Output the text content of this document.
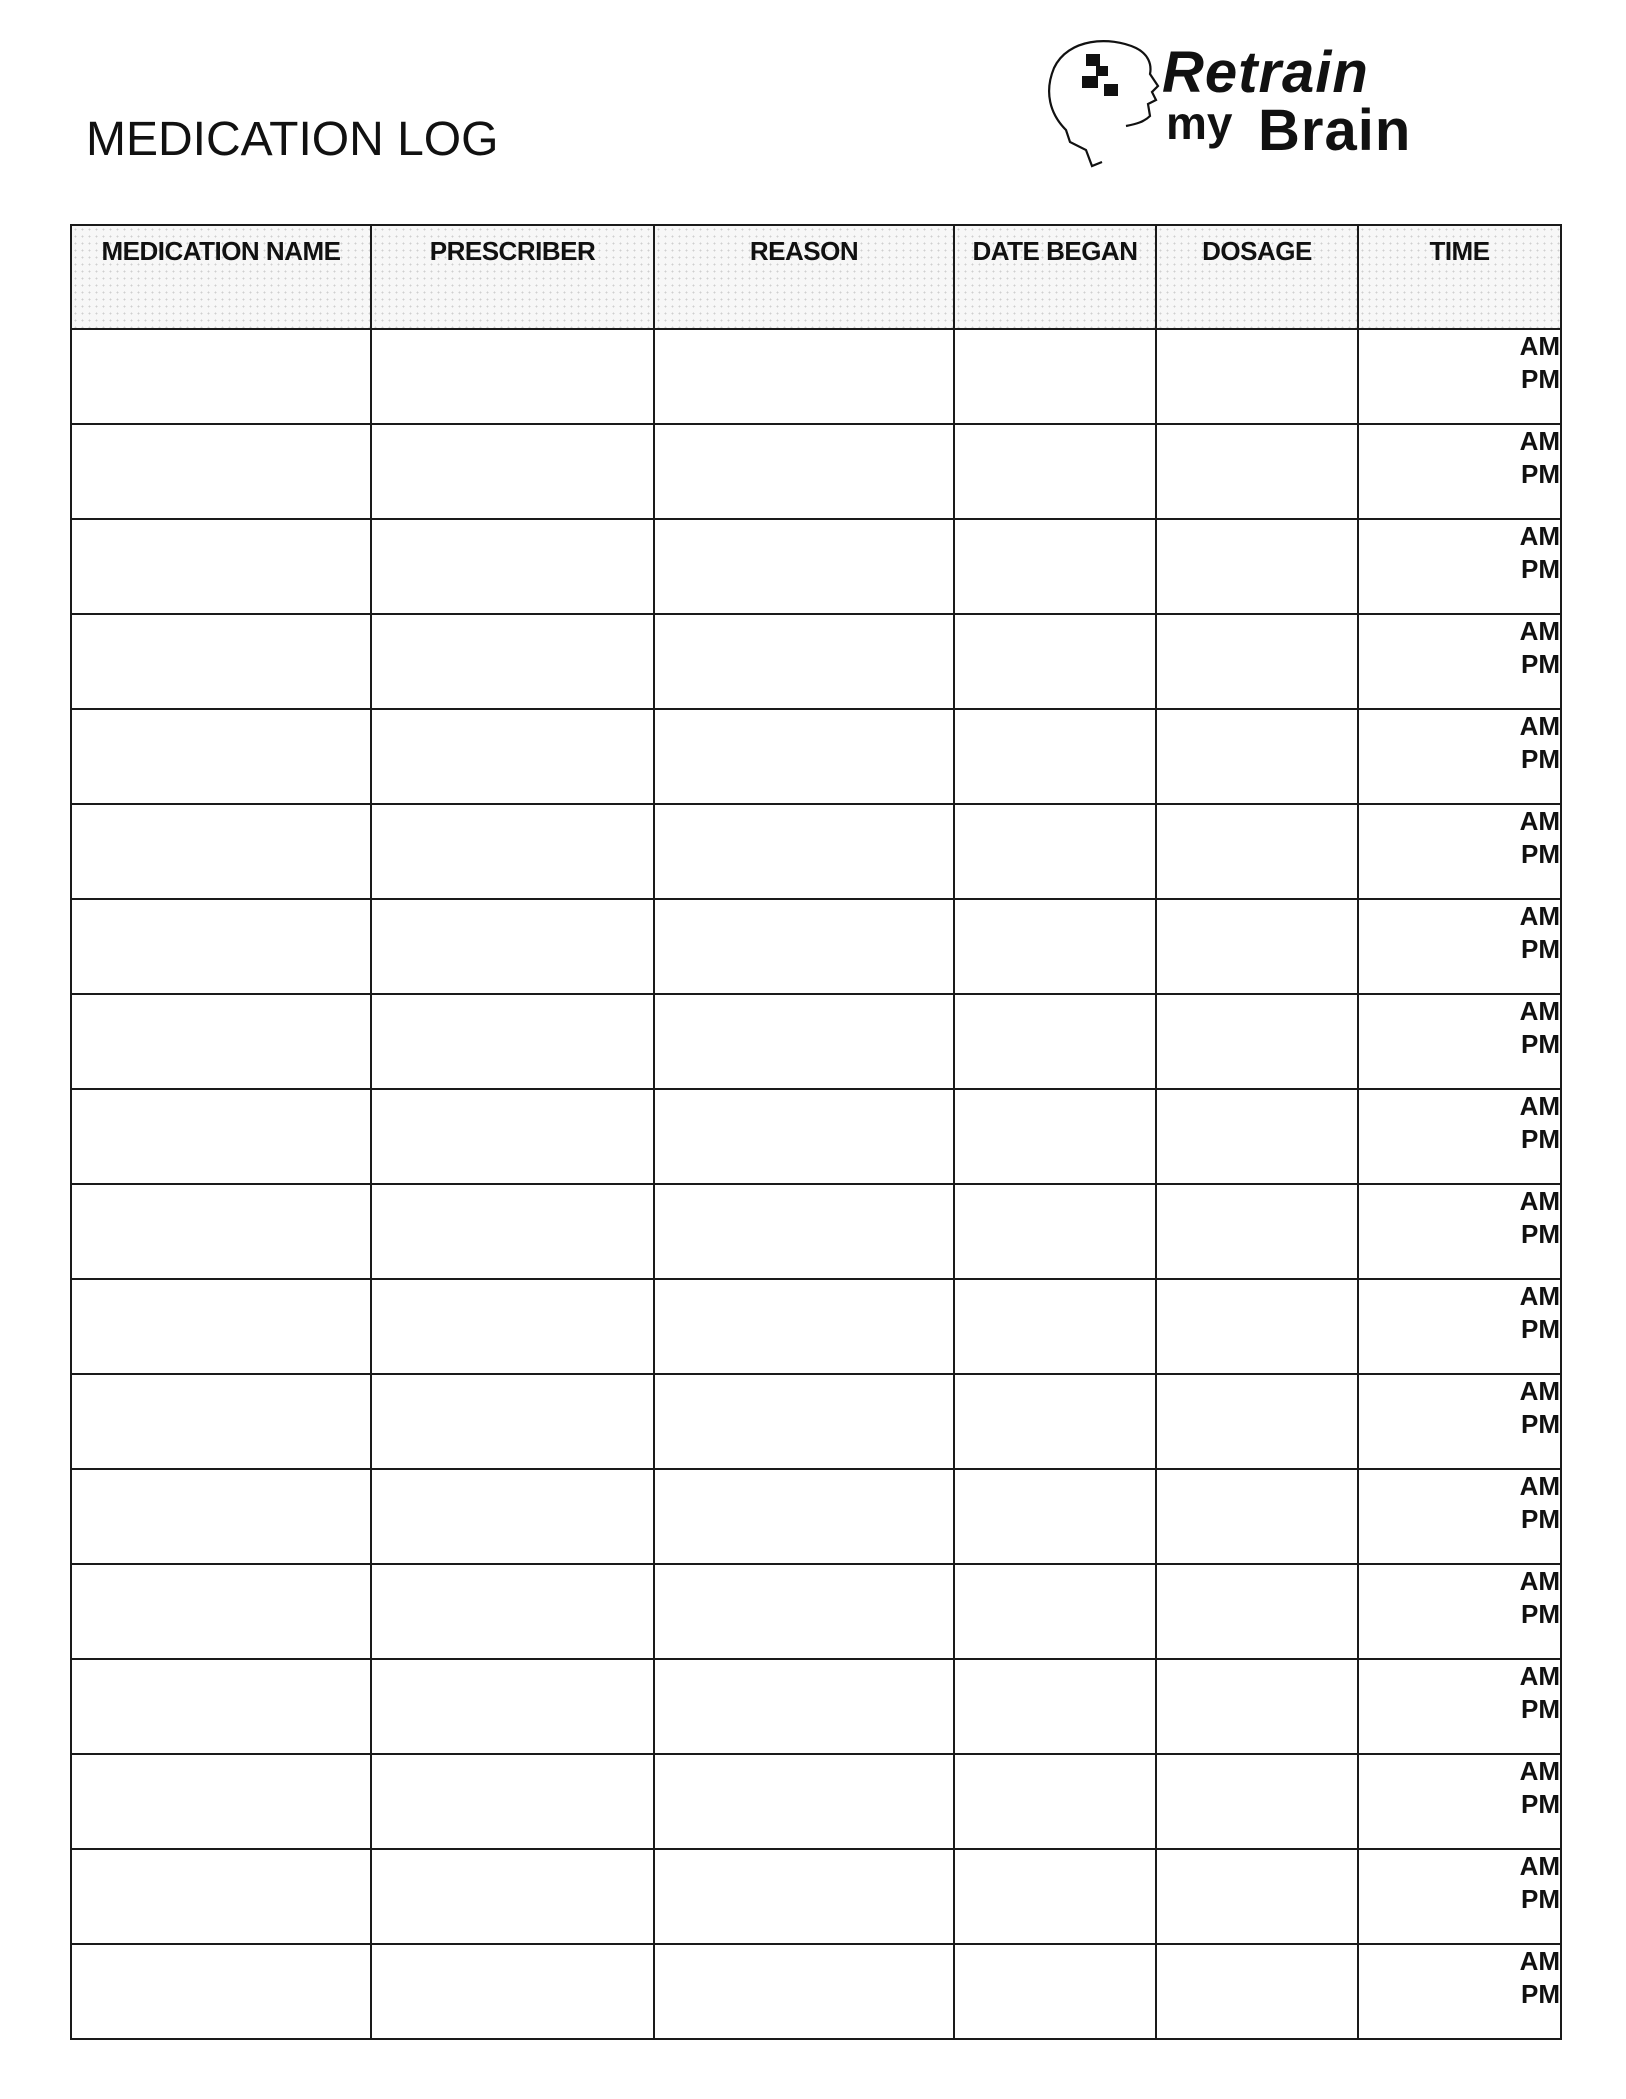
MEDICATION LOG
Retrain
my Brain
MEDICATION NAME	PRESCRIBER	REASON	DATE BEGAN	DOSAGE	TIME

					AM
PM

					AM
PM

					AM
PM

					AM
PM

					AM
PM

					AM
PM

					AM
PM

					AM
PM

					AM
PM

					AM
PM

					AM
PM

					AM
PM

					AM
PM

					AM
PM

					AM
PM

					AM
PM

					AM
PM

					AM
PM
